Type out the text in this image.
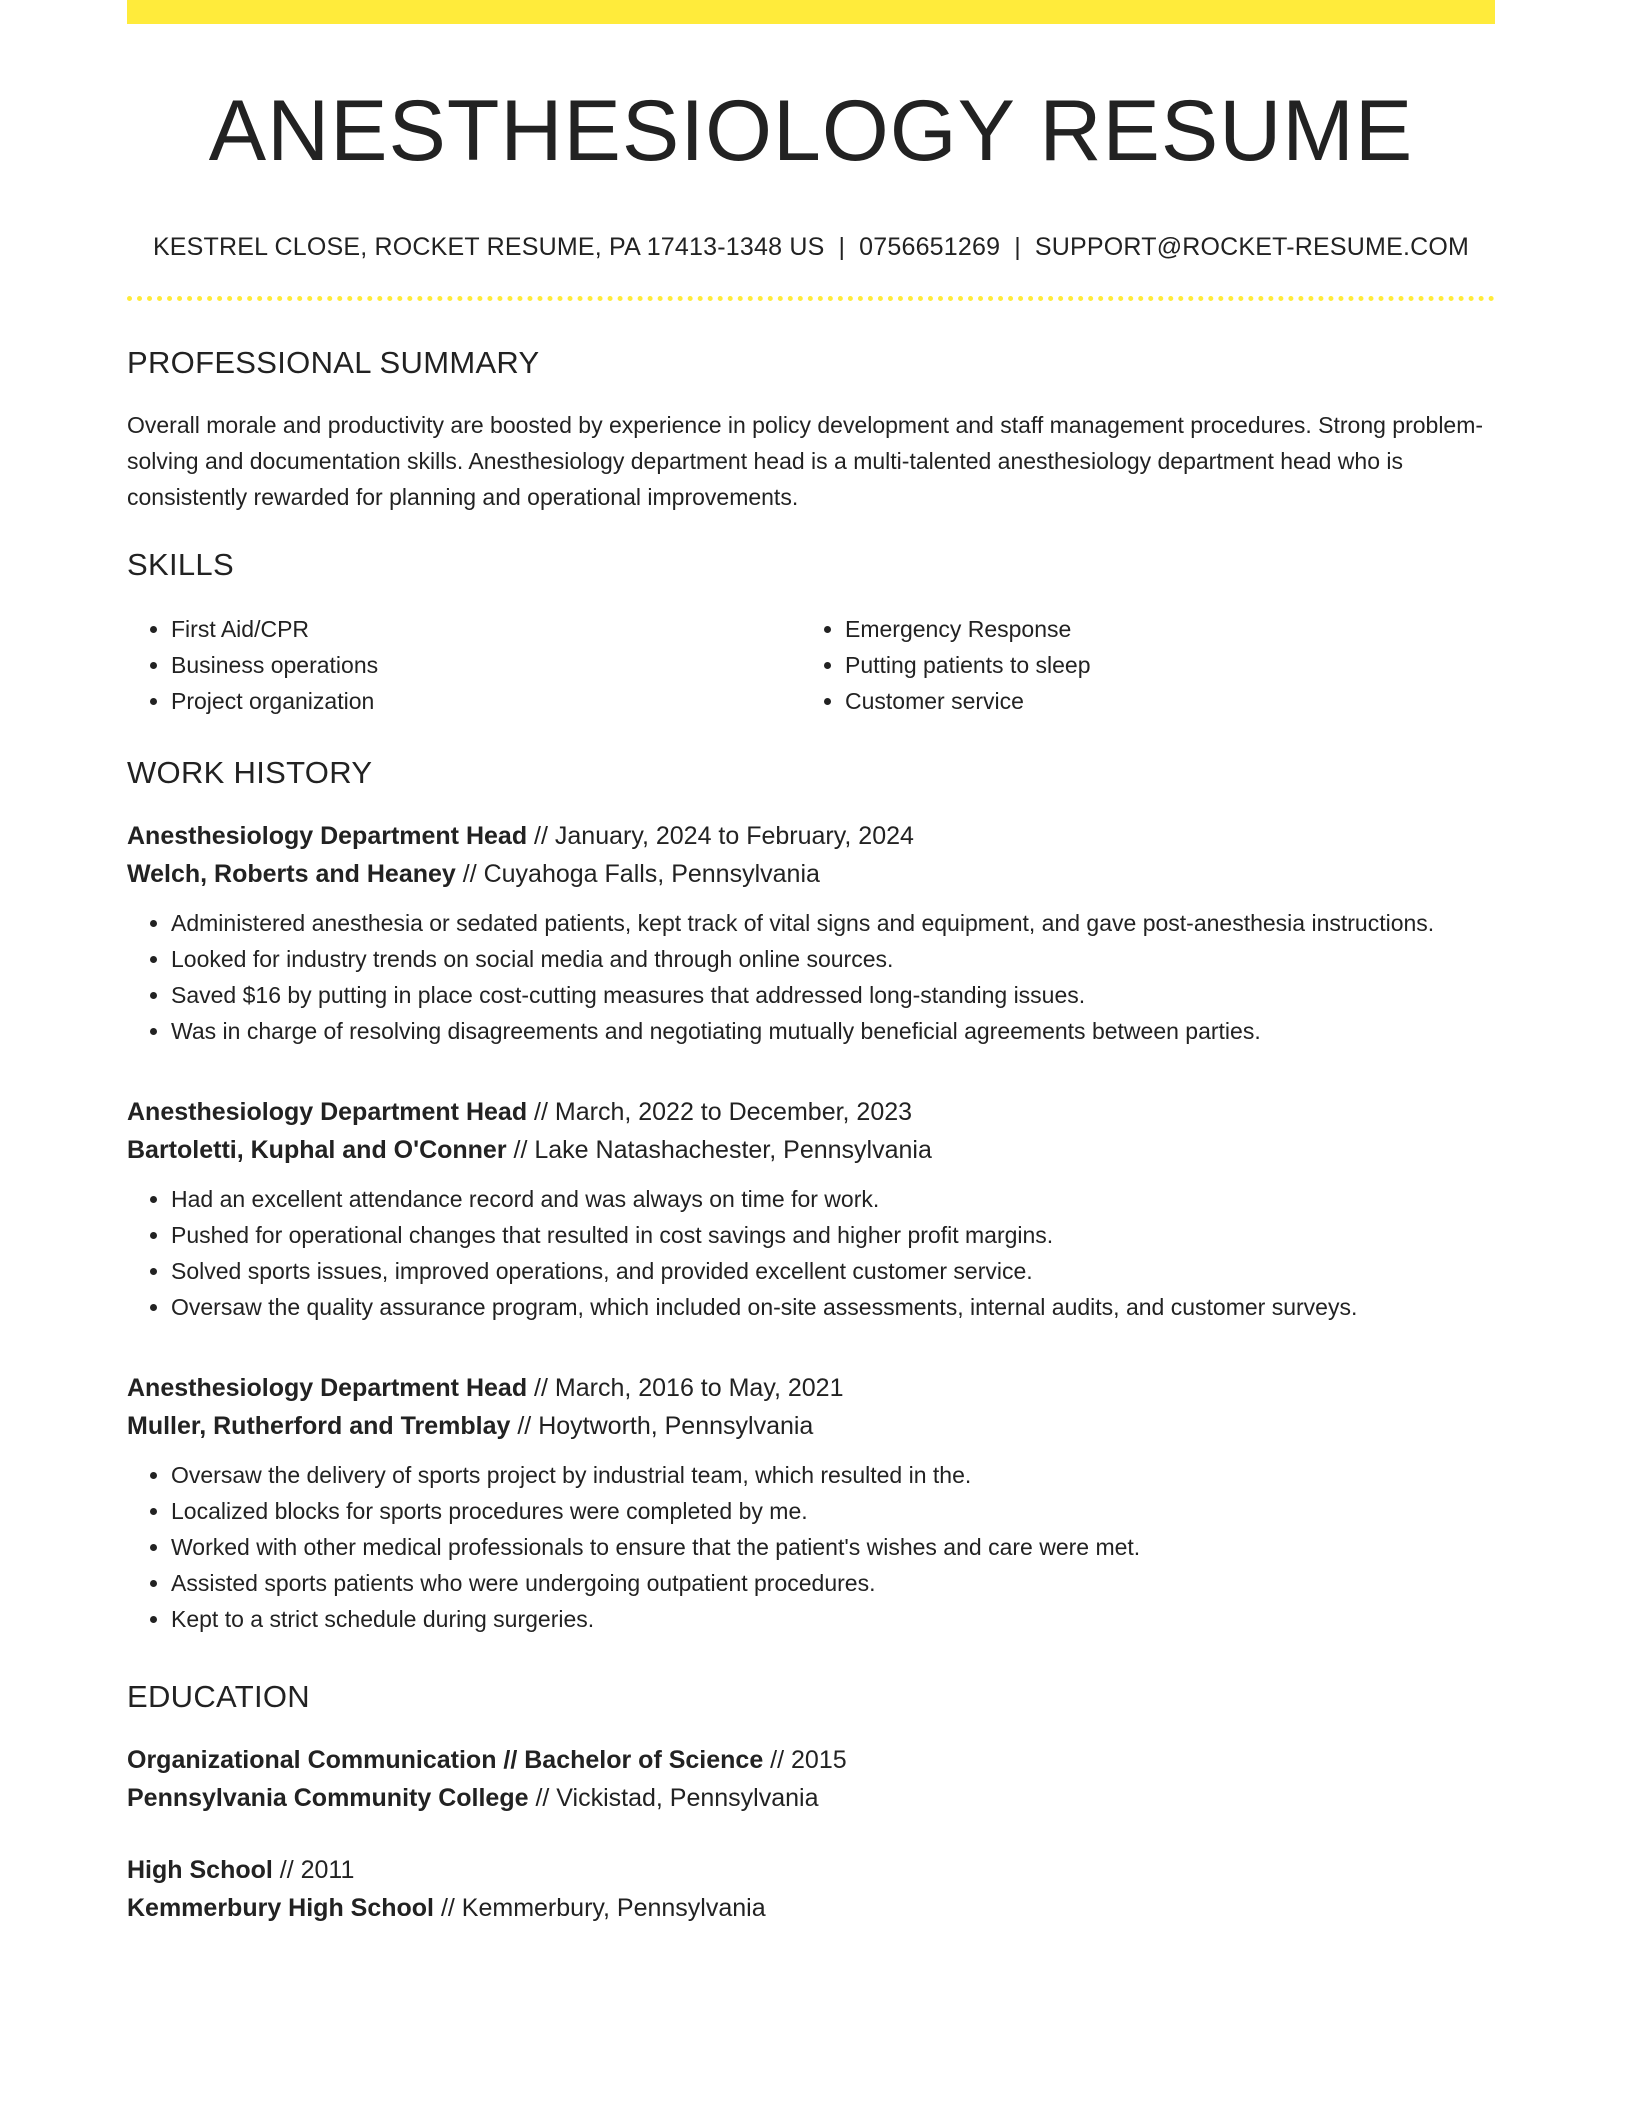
ANESTHESIOLOGY RESUME
KESTREL CLOSE, ROCKET RESUME, PA 17413-1348 US | 0756651269 | SUPPORT@ROCKET-RESUME.COM
PROFESSIONAL SUMMARY

Overall morale and productivity are boosted by experience in policy development and staff management procedures. Strong problem-solving and documentation skills. Anesthesiology department head is a multi-talented anesthesiology department head who is consistently rewarded for planning and operational improvements.

SKILLS
• First Aid/CPR
• Business operations
• Project organization
• Emergency Response
• Putting patients to sleep
• Customer service
WORK HISTORY
Anesthesiology Department Head // January, 2024 to February, 2024
Welch, Roberts and Heaney // Cuyahoga Falls, Pennsylvania
• Administered anesthesia or sedated patients, kept track of vital signs and equipment, and gave post-anesthesia instructions.
• Looked for industry trends on social media and through online sources.
• Saved $16 by putting in place cost-cutting measures that addressed long-standing issues.
• Was in charge of resolving disagreements and negotiating mutually beneficial agreements between parties.
Anesthesiology Department Head // March, 2022 to December, 2023
Bartoletti, Kuphal and O'Conner // Lake Natashachester, Pennsylvania
• Had an excellent attendance record and was always on time for work.
• Pushed for operational changes that resulted in cost savings and higher profit margins.
• Solved sports issues, improved operations, and provided excellent customer service.
• Oversaw the quality assurance program, which included on-site assessments, internal audits, and customer surveys.
Anesthesiology Department Head // March, 2016 to May, 2021
Muller, Rutherford and Tremblay // Hoytworth, Pennsylvania
• Oversaw the delivery of sports project by industrial team, which resulted in the.
• Localized blocks for sports procedures were completed by me.
• Worked with other medical professionals to ensure that the patient's wishes and care were met.
• Assisted sports patients who were undergoing outpatient procedures.
• Kept to a strict schedule during surgeries.
EDUCATION
Organizational Communication // Bachelor of Science // 2015
Pennsylvania Community College // Vickistad, Pennsylvania
High School // 2011
Kemmerbury High School // Kemmerbury, Pennsylvania
